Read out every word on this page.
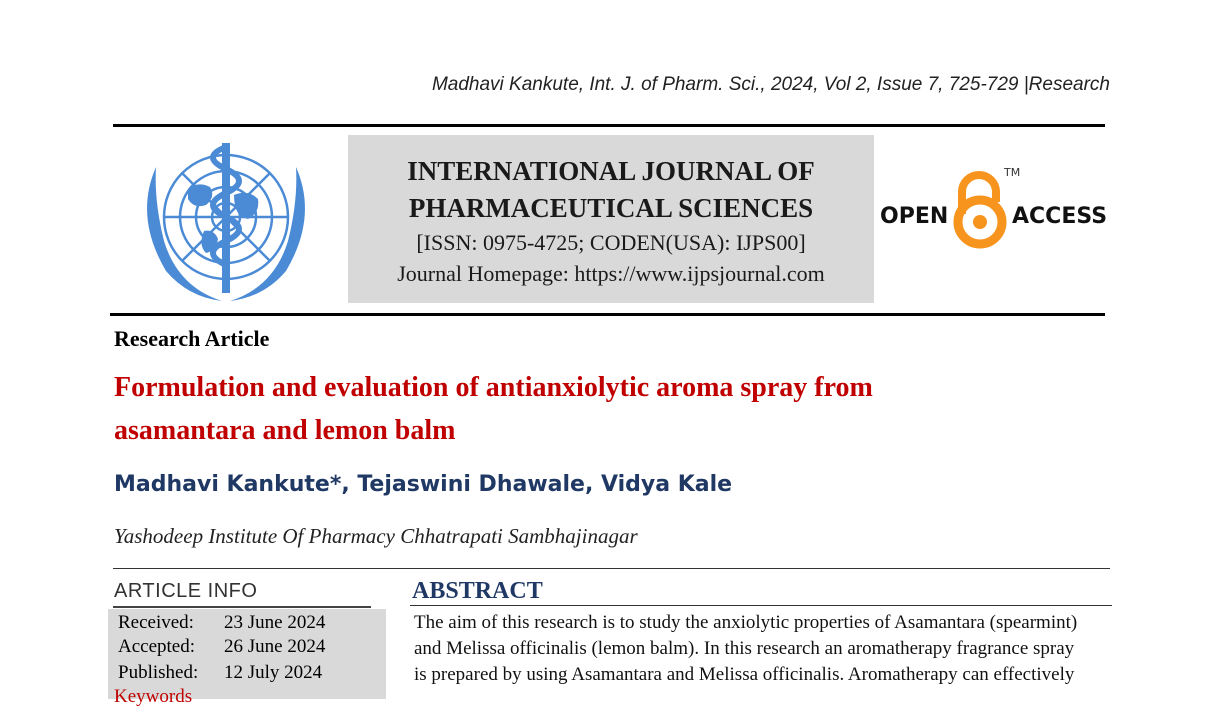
Madhavi Kankute, Int. J. of Pharm. Sci., 2024, Vol 2, Issue 7, 725-729 |Research
INTERNATIONAL JOURNAL OF
PHARMACEUTICAL SCIENCES
[ISSN: 0975-4725; CODEN(USA): IJPS00]
Journal Homepage: https://www.ijpsjournal.com
OPEN
TM
ACCESS
Research Article
Formulation and evaluation of antianxiolytic aroma spray from
asamantara and lemon balm
Madhavi Kankute*, Tejaswini Dhawale, Vidya Kale
Yashodeep Institute Of Pharmacy Chhatrapati Sambhajinagar
ARTICLE INFO
Received: 23 June 2024
Accepted: 26 June 2024
Published: 12 July 2024
Keywords
ABSTRACT
The aim of this research is to study the anxiolytic properties of Asamantara (spearmint)
and Melissa officinalis (lemon balm). In this research an aromatherapy fragrance spray
is prepared by using Asamantara and Melissa officinalis. Aromatherapy can effectively
